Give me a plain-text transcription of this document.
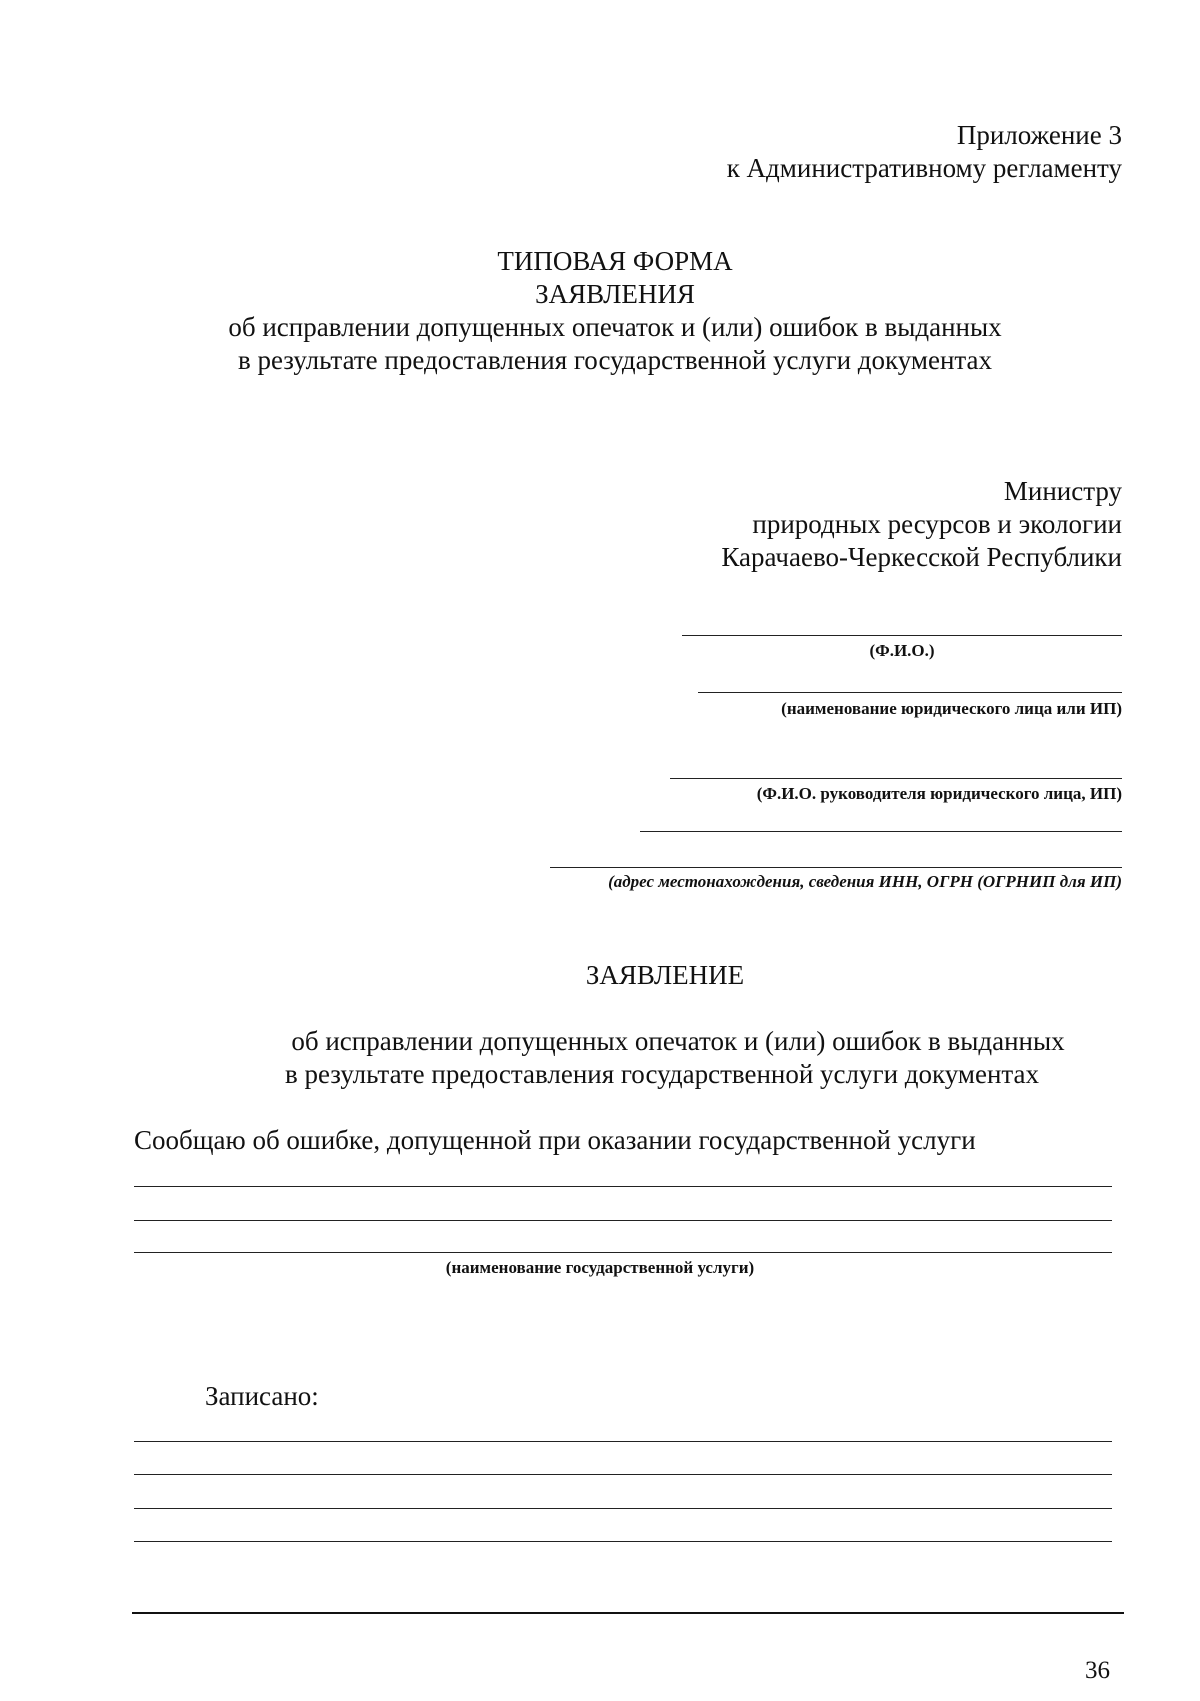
Приложение 3
к Административному регламенту
ТИПОВАЯ ФОРМА
ЗАЯВЛЕНИЯ
об исправлении допущенных опечаток и (или) ошибок в выданных
в результате предоставления государственной услуги документах
Министру
природных ресурсов и экологии
Карачаево-Черкесской Республики
(Ф.И.О.)
(наименование юридического лица или ИП)
(Ф.И.О. руководителя юридического лица, ИП)
(адрес местонахождения, сведения ИНН, ОГРН (ОГРНИП для ИП)
ЗАЯВЛЕНИЕ
об исправлении допущенных опечаток и (или) ошибок в выданных
в результате предоставления государственной услуги документах
Сообщаю об ошибке, допущенной при оказании государственной услуги
(наименование государственной услуги)
Записано:
36
